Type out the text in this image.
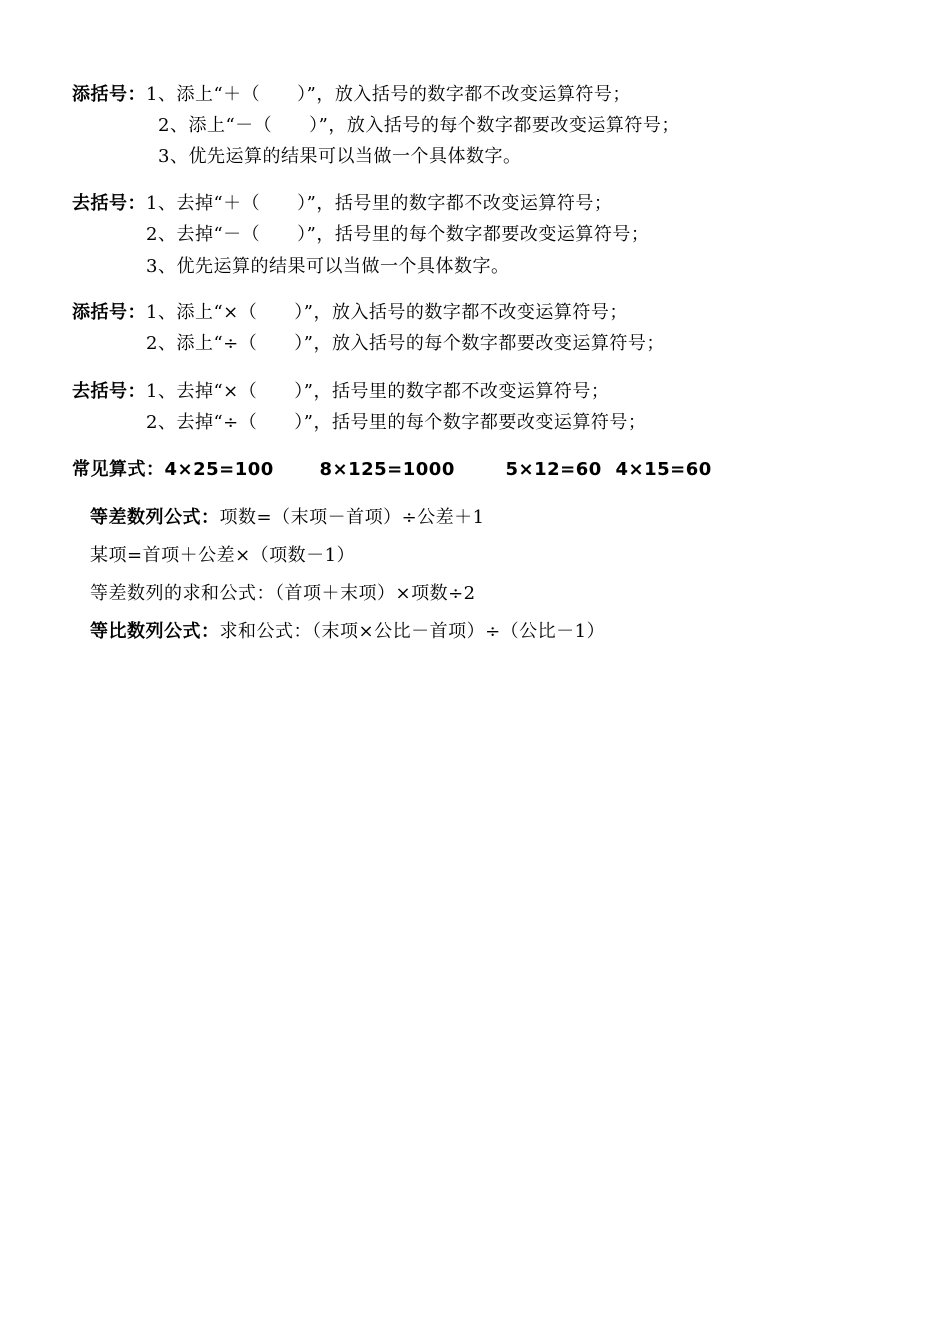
添括号：1、添上“＋（　　）”，放入括号的数字都不改变运算符号；
2、添上“－（　　）”，放入括号的每个数字都要改变运算符号；
3、优先运算的结果可以当做一个具体数字。
去括号：1、去掉“＋（　　）”，括号里的数字都不改变运算符号；
2、去掉“－（　　）”，括号里的每个数字都要改变运算符号；
3、优先运算的结果可以当做一个具体数字。
添括号：1、添上“×（　　）”，放入括号的数字都不改变运算符号；
2、添上“÷（　　）”，放入括号的每个数字都要改变运算符号；
去括号：1、去掉“×（　　）”，括号里的数字都不改变运算符号；
2、去掉“÷（　　）”，括号里的每个数字都要改变运算符号；
常见算式：4×25=100	8×125=1000	5×12=60 4×15=60
等差数列公式：项数=（末项－首项）÷公差＋1
某项=首项＋公差×（项数－1）
等差数列的求和公式：（首项＋末项）×项数÷2
等比数列公式：求和公式：（末项×公比－首项）÷（公比－1）
